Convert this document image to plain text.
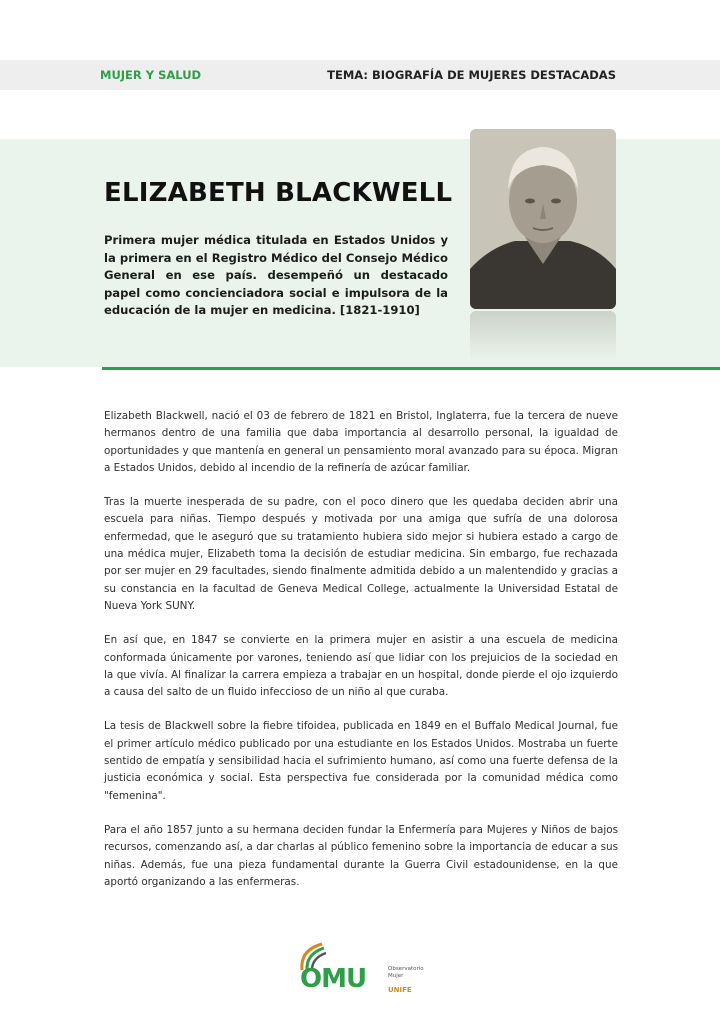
MUJER Y SALUD	TEMA: BIOGRAFÍA DE MUJERES DESTACADAS
ELIZABETH BLACKWELL
Primera mujer médica titulada en Estados Unidos y la primera en el Registro Médico del Consejo Médico General en ese país. desempeñó un destacado papel como concienciadora social e impulsora de la educación de la mujer en medicina. [1821-1910]

Elizabeth Blackwell, nació el 03 de febrero de 1821 en Bristol, Inglaterra, fue la tercera de nueve hermanos dentro de una familia que daba importancia al desarrollo personal, la igualdad de oportunidades y que mantenía en general un pensamiento moral avanzado para su época. Migran a Estados Unidos, debido al incendio de la refinería de azúcar familiar.

Tras la muerte inesperada de su padre, con el poco dinero que les quedaba deciden abrir una escuela para niñas. Tiempo después y motivada por una amiga que sufría de una dolorosa enfermedad, que le aseguró que su tratamiento hubiera sido mejor si hubiera estado a cargo de una médica mujer, Elizabeth toma la decisión de estudiar medicina. Sin embargo, fue rechazada por ser mujer en 29 facultades, siendo finalmente admitida debido a un malentendido y gracias a su constancia en la facultad de Geneva Medical College, actualmente la Universidad Estatal de Nueva York SUNY.

En así que, en 1847 se convierte en la primera mujer en asistir a una escuela de medicina conformada únicamente por varones, teniendo así que lidiar con los prejuicios de la sociedad en la que vivía. Al finalizar la carrera empieza a trabajar en un hospital, donde pierde el ojo izquierdo a causa del salto de un fluido infeccioso de un niño al que curaba.

La tesis de Blackwell sobre la fiebre tifoidea, publicada en 1849 en el Buffalo Medical Journal, fue el primer artículo médico publicado por una estudiante en los Estados Unidos. Mostraba un fuerte sentido de empatía y sensibilidad hacia el sufrimiento humano, así como una fuerte defensa de la justicia económica y social. Esta perspectiva fue considerada por la comunidad médica como "femenina".

Para el año 1857 junto a su hermana deciden fundar la Enfermería para Mujeres y Niños de bajos recursos, comenzando así, a dar charlas al público femenino sobre la importancia de educar a sus niñas. Además, fue una pieza fundamental durante la Guerra Civil estadounidense, en la que aportó organizando a las enfermeras.

OMU	Observatorio
Mujer
UNIFE
